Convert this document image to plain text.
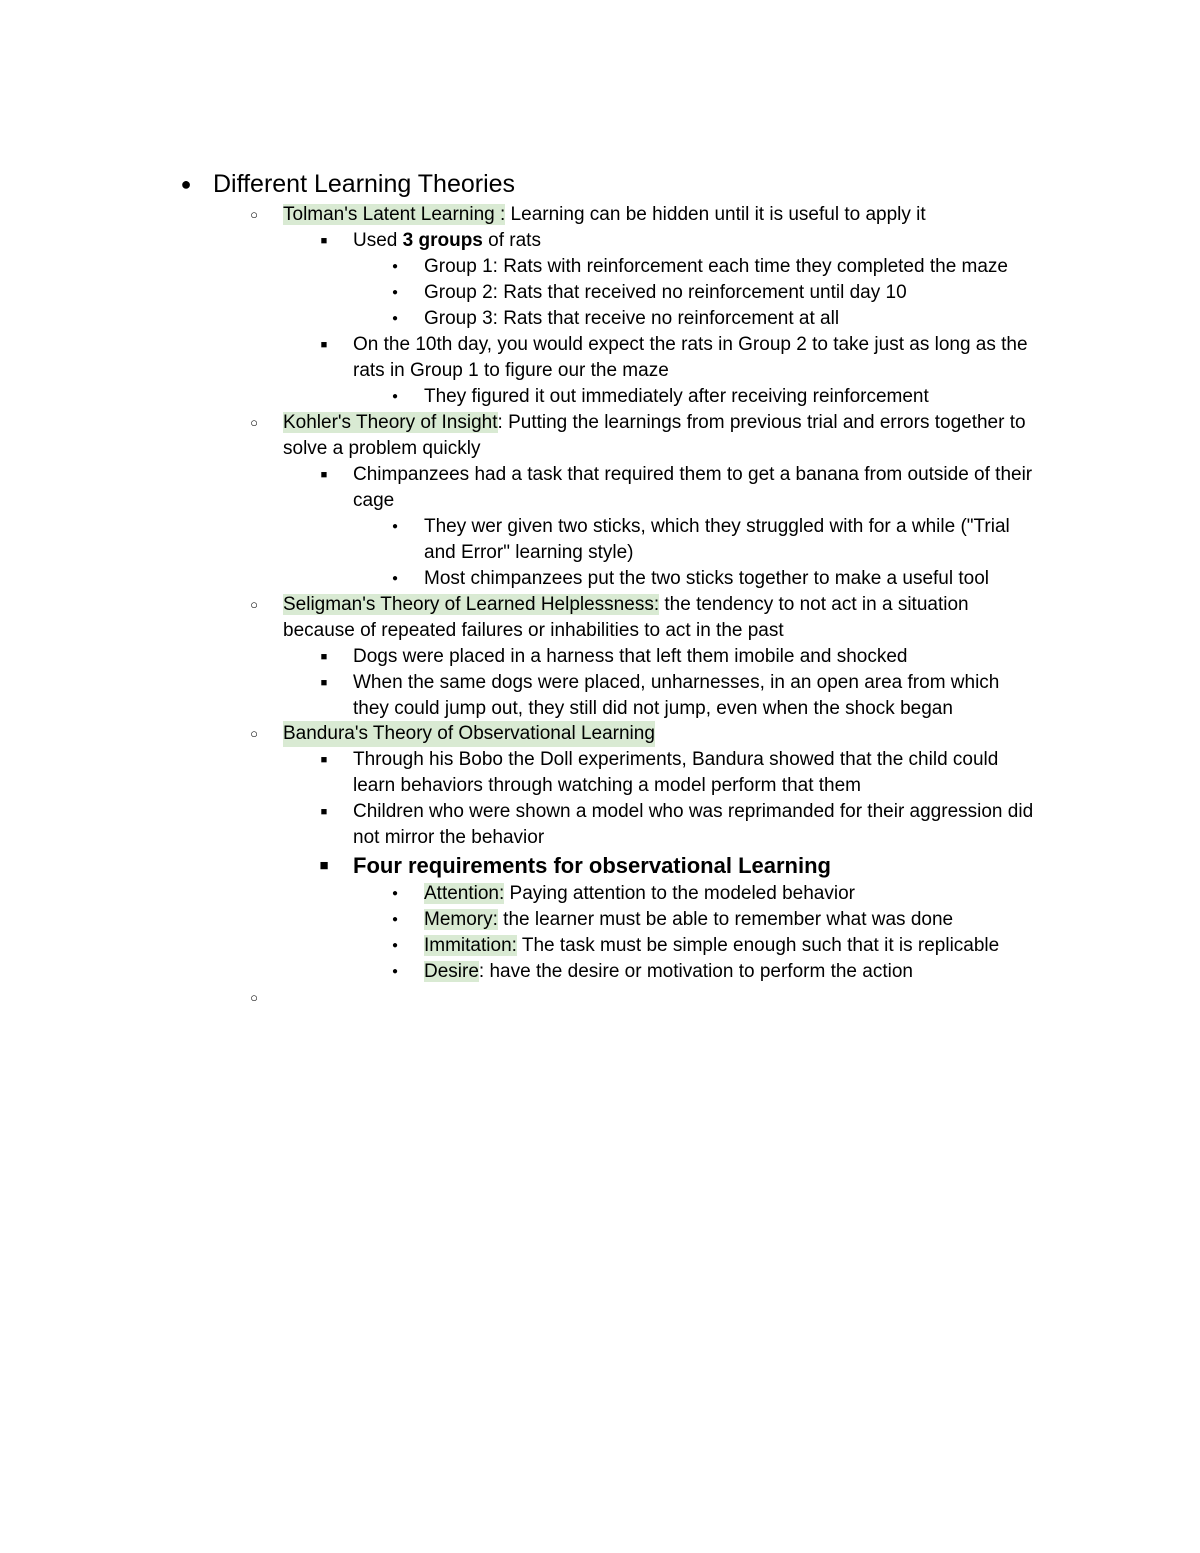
● Different Learning Theories
○	Tolman's Latent Learning : Learning can be hidden until it is useful to apply it
■	Used 3 groups of rats
●	Group 1: Rats with reinforcement each time they completed the maze
●	Group 2: Rats that received no reinforcement until day 10
●	Group 3: Rats that receive no reinforcement at all
■	On the 10th day, you would expect the rats in Group 2 to take just as long as the
rats in Group 1 to figure our the maze
●	They figured it out immediately after receiving reinforcement
○	Kohler's Theory of Insight: Putting the learnings from previous trial and errors together to
solve a problem quickly
■	Chimpanzees had a task that required them to get a banana from outside of their
cage
●	They wer given two sticks, which they struggled with for a while ("Trial
and Error" learning style)
●	Most chimpanzees put the two sticks together to make a useful tool
○	Seligman's Theory of Learned Helplessness: the tendency to not act in a situation
because of repeated failures or inhabilities to act in the past
■	Dogs were placed in a harness that left them imobile and shocked
■	When the same dogs were placed, unharnesses, in an open area from which
they could jump out, they still did not jump, even when the shock began
○	Bandura's Theory of Observational Learning
■	Through his Bobo the Doll experiments, Bandura showed that the child could
learn behaviors through watching a model perform that them
■	Children who were shown a model who was reprimanded for their aggression did
not mirror the behavior
■ Four requirements for observational Learning
●	Attention: Paying attention to the modeled behavior
●	Memory: the learner must be able to remember what was done
●	Immitation: The task must be simple enough such that it is replicable
●	Desire: have the desire or motivation to perform the action
○
